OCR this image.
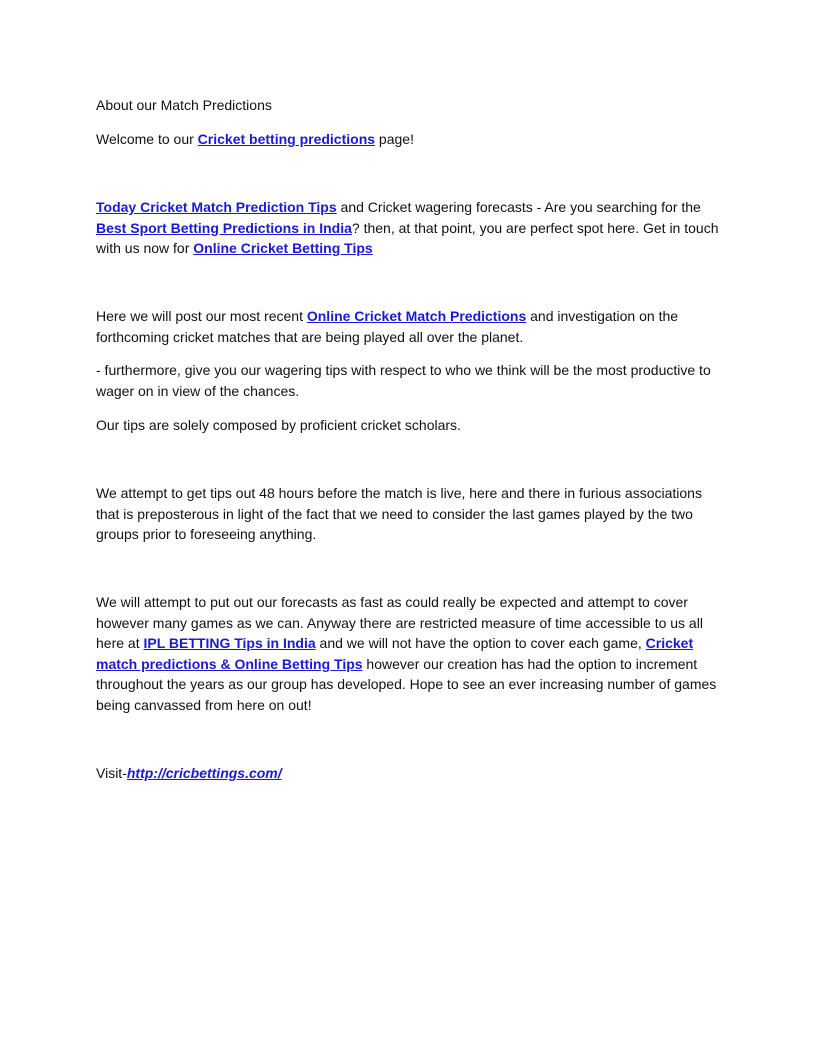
About our Match Predictions

Welcome to our Cricket betting predictions page!

Today Cricket Match Prediction Tips and Cricket wagering forecasts - Are you searching for the Best Sport Betting Predictions in India? then, at that point, you are perfect spot here. Get in touch with us now for Online Cricket Betting Tips

Here we will post our most recent Online Cricket Match Predictions and investigation on the forthcoming cricket matches that are being played all over the planet.

- furthermore, give you our wagering tips with respect to who we think will be the most productive to wager on in view of the chances.

Our tips are solely composed by proficient cricket scholars.

We attempt to get tips out 48 hours before the match is live, here and there in furious associations that is preposterous in light of the fact that we need to consider the last games played by the two groups prior to foreseeing anything.

We will attempt to put out our forecasts as fast as could really be expected and attempt to cover however many games as we can. Anyway there are restricted measure of time accessible to us all here at IPL BETTING Tips in India and we will not have the option to cover each game, Cricket match predictions & Online Betting Tips however our creation has had the option to increment throughout the years as our group has developed. Hope to see an ever increasing number of games being canvassed from here on out!

Visit-http://cricbettings.com/
